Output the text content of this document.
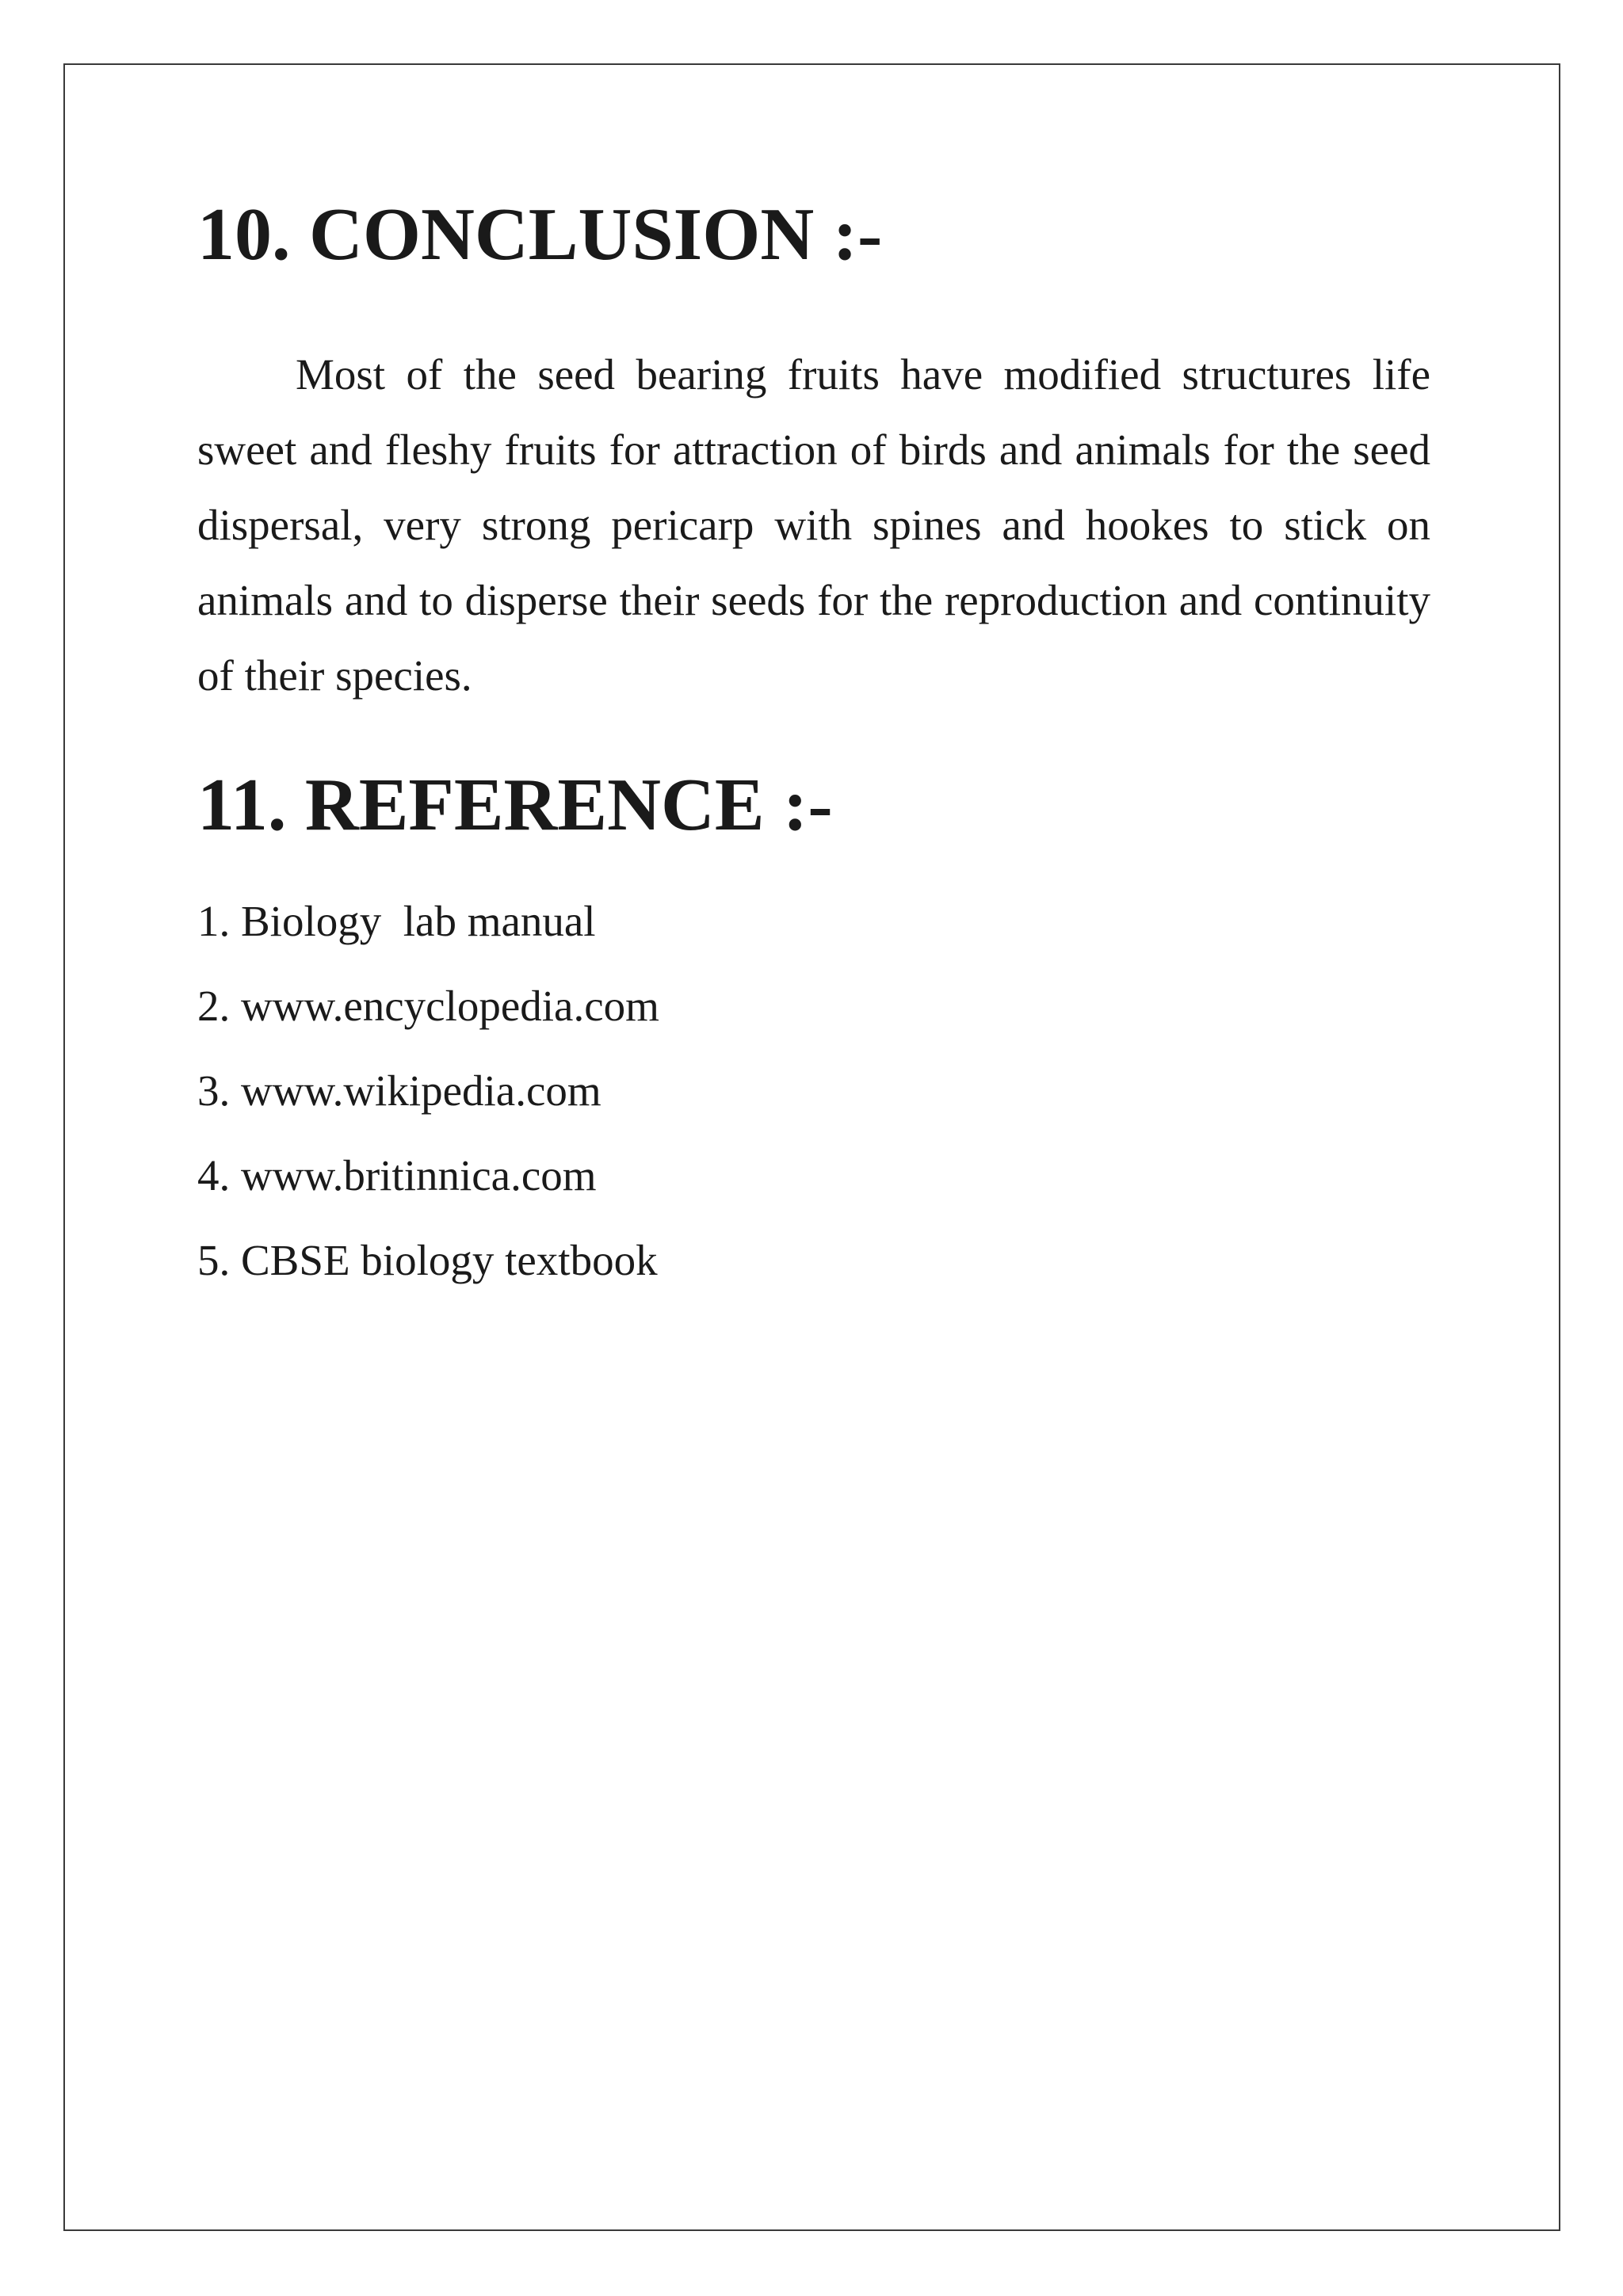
10. CONCLUSION :-

Most of the seed bearing fruits have modified structures life sweet and fleshy fruits for attraction of birds and animals for the seed dispersal, very strong pericarp with spines and hookes to stick on animals and to disperse their seeds for the reproduction and continuity of their species.

11. REFERENCE :-
1. Biology  lab manual
2. www.encyclopedia.com
3. www.wikipedia.com
4. www.britinnica.com
5. CBSE biology textbook
